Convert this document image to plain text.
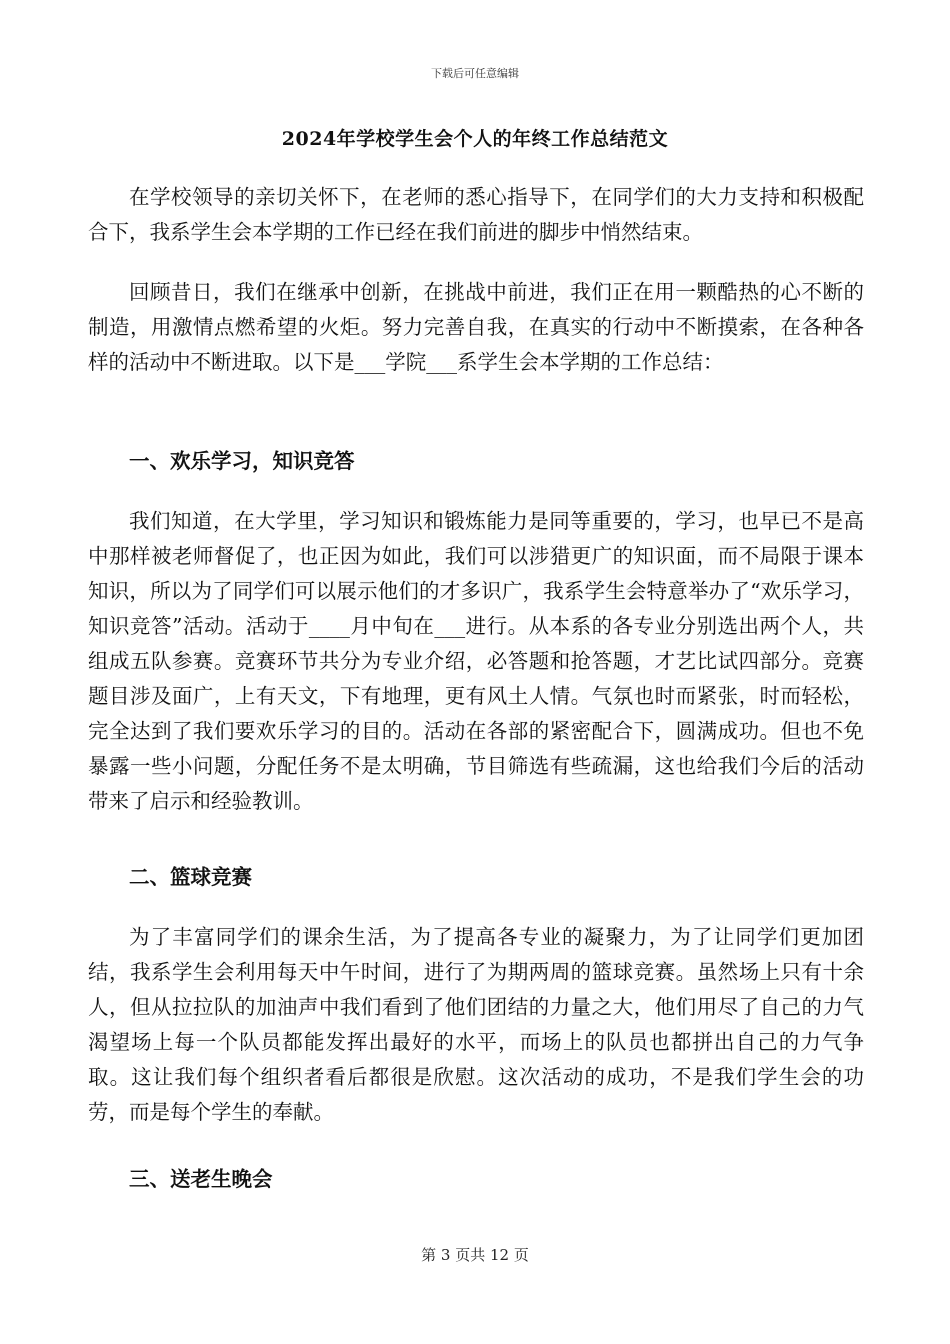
下载后可任意编辑
2024年学校学生会个人的年终工作总结范文

在学校领导的亲切关怀下，在老师的悉心指导下，在同学们的大力支持和积极配合下，我系学生会本学期的工作已经在我们前进的脚步中悄然结束。

回顾昔日，我们在继承中创新，在挑战中前进，我们正在用一颗酷热的心不断的制造，用激情点燃希望的火炬。努力完善自我，在真实的行动中不断摸索，在各种各样的活动中不断进取。以下是___学院___系学生会本学期的工作总结：

一、欢乐学习，知识竞答

我们知道，在大学里，学习知识和锻炼能力是同等重要的，学习，也早已不是高中那样被老师督促了，也正因为如此，我们可以涉猎更广的知识面，而不局限于课本知识，所以为了同学们可以展示他们的才多识广，我系学生会特意举办了“欢乐学习，知识竞答”活动。活动于____月中旬在___进行。从本系的各专业分别选出两个人，共组成五队参赛。竞赛环节共分为专业介绍，必答题和抢答题，才艺比试四部分。竞赛题目涉及面广，上有天文，下有地理，更有风土人情。气氛也时而紧张，时而轻松，完全达到了我们要欢乐学习的目的。活动在各部的紧密配合下，圆满成功。但也不免暴露一些小问题，分配任务不是太明确，节目筛选有些疏漏，这也给我们今后的活动带来了启示和经验教训。

二、篮球竞赛

为了丰富同学们的课余生活，为了提高各专业的凝聚力，为了让同学们更加团结，我系学生会利用每天中午时间，进行了为期两周的篮球竞赛。虽然场上只有十余人，但从拉拉队的加油声中我们看到了他们团结的力量之大，他们用尽了自己的力气渴望场上每一个队员都能发挥出最好的水平，而场上的队员也都拼出自己的力气争取。这让我们每个组织者看后都很是欣慰。这次活动的成功，不是我们学生会的功劳，而是每个学生的奉献。

三、送老生晚会

第 3 页共 12 页
